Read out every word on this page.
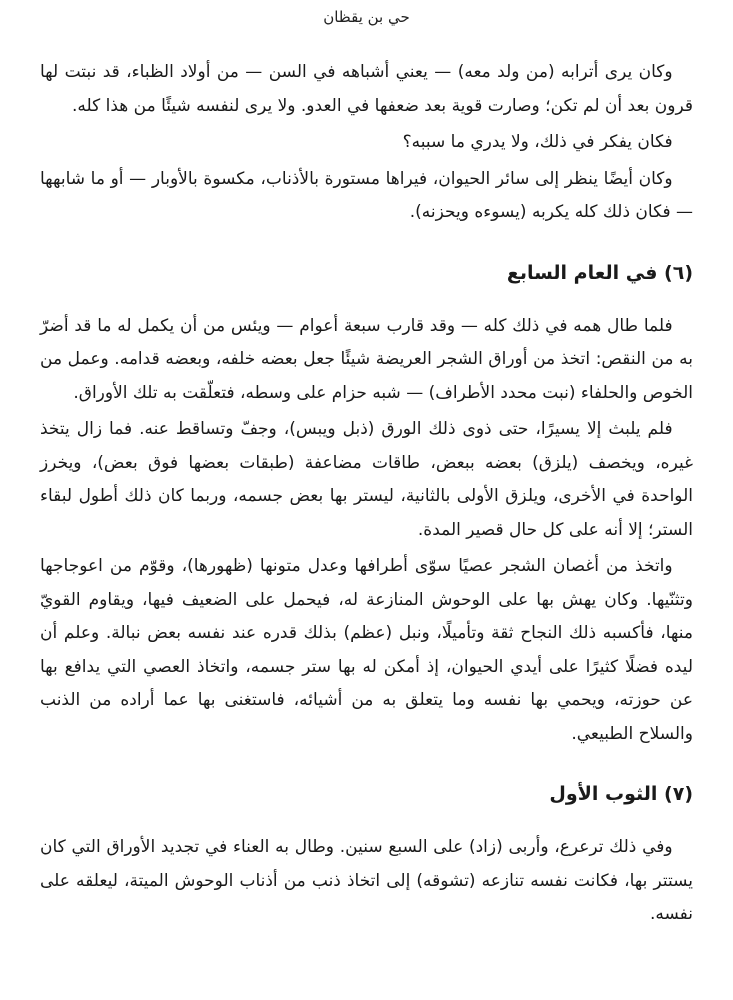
حي بن يقظان

وكان يرى أترابه (من ولد معه) — يعني أشباهه في السن — من أولاد الظباء، قد نبتت لها قرون بعد أن لم تكن؛ وصارت قوية بعد ضعفها في العدو. ولا يرى لنفسه شيئًا من هذا كله.

فكان يفكر في ذلك، ولا يدري ما سببه؟

وكان أيضًا ينظر إلى سائر الحيوان، فيراها مستورة بالأذناب، مكسوة بالأوبار — أو ما شابهها — فكان ذلك كله يكربه (يسوءه ويحزنه).

(٦) في العام السابع

فلما طال همه في ذلك كله — وقد قارب سبعة أعوام — ويئس من أن يكمل له ما قد أضرّ به من النقص: اتخذ من أوراق الشجر العريضة شيئًا جعل بعضه خلفه، وبعضه قدامه. وعمل من الخوص والحلفاء (نبت محدد الأطراف) — شبه حزام على وسطه، فتعلّقت به تلك الأوراق.

فلم يلبث إلا يسيرًا، حتى ذوى ذلك الورق (ذبل ويبس)، وجفّ وتساقط عنه. فما زال يتخذ غيره، ويخصف (يلزق) بعضه ببعض، طاقات مضاعفة (طبقات بعضها فوق بعض)، ويخرز الواحدة في الأخرى، ويلزق الأولى بالثانية، ليستر بها بعض جسمه، وربما كان ذلك أطول لبقاء الستر؛ إلا أنه على كل حال قصير المدة.

واتخذ من أغصان الشجر عصيًا سوّى أطرافها وعدل متونها (ظهورها)، وقوّم من اعوجاجها وتثنّيها. وكان يهش بها على الوحوش المنازعة له، فيحمل على الضعيف فيها، ويقاوم القويّ منها، فأكسبه ذلك النجاح ثقة وتأميلًا، ونبل (عظم) بذلك قدره عند نفسه بعض نبالة. وعلم أن ليده فضلًا كثيرًا على أيدي الحيوان، إذ أمكن له بها ستر جسمه، واتخاذ العصي التي يدافع بها عن حوزته، ويحمي بها نفسه وما يتعلق به من أشيائه، فاستغنى بها عما أراده من الذنب والسلاح الطبيعي.

(٧) الثوب الأول

وفي ذلك ترعرع، وأربى (زاد) على السبع سنين. وطال به العناء في تجديد الأوراق التي كان يستتر بها، فكانت نفسه تنازعه (تشوقه) إلى اتخاذ ذنب من أذناب الوحوش الميتة، ليعلقه على نفسه.
